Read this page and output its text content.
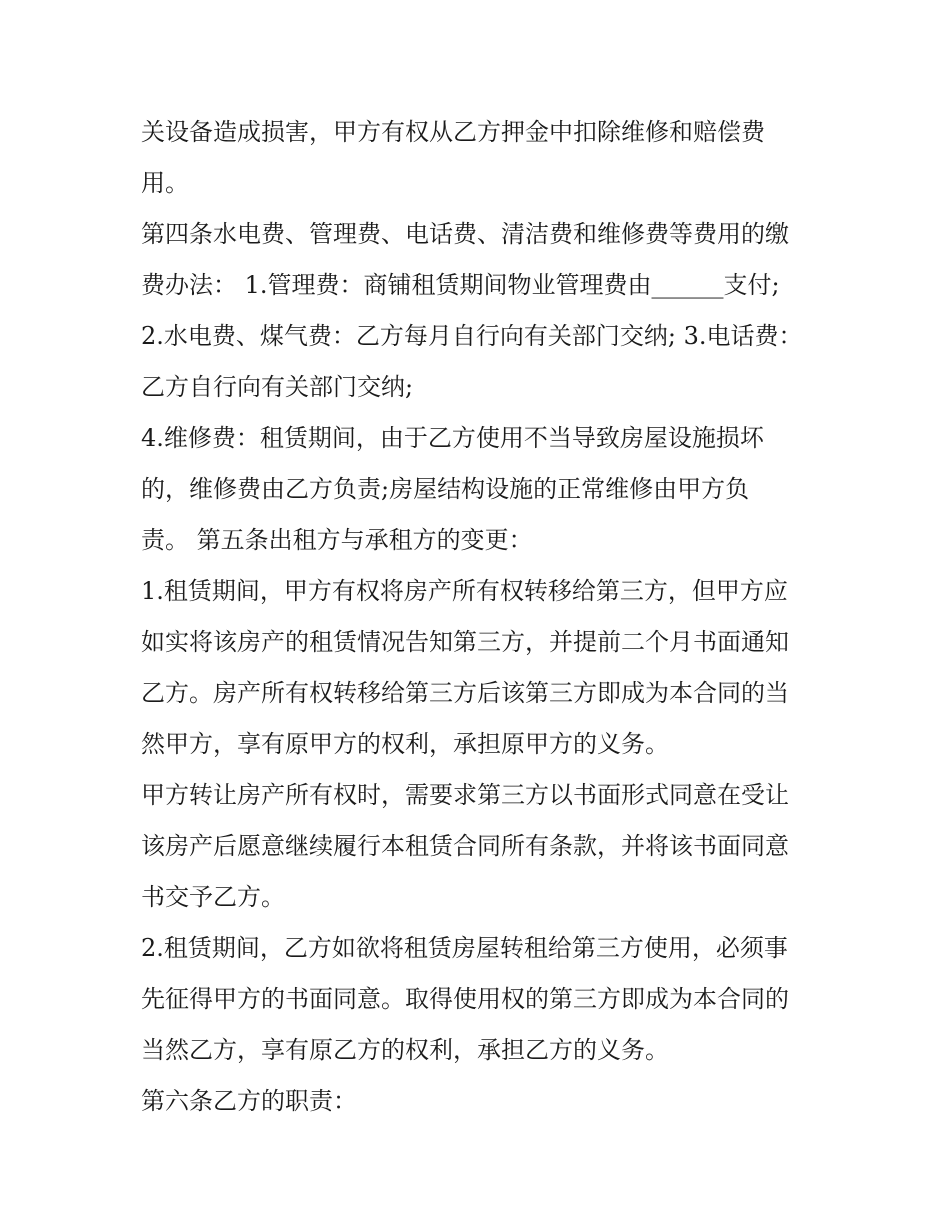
关设备造成损害，甲方有权从乙方押金中扣除维修和赔偿费
用。
第四条水电费、管理费、电话费、清洁费和维修费等费用的缴
费办法： 1.管理费：商铺租赁期间物业管理费由______支付;
2.水电费、煤气费：乙方每月自行向有关部门交纳; 3.电话费：
乙方自行向有关部门交纳;
4.维修费：租赁期间，由于乙方使用不当导致房屋设施损坏
的，维修费由乙方负责;房屋结构设施的正常维修由甲方负
责。 第五条出租方与承租方的变更：
1.租赁期间，甲方有权将房产所有权转移给第三方，但甲方应
如实将该房产的租赁情况告知第三方，并提前二个月书面通知
乙方。房产所有权转移给第三方后该第三方即成为本合同的当
然甲方，享有原甲方的权利，承担原甲方的义务。
甲方转让房产所有权时，需要求第三方以书面形式同意在受让
该房产后愿意继续履行本租赁合同所有条款，并将该书面同意
书交予乙方。
2.租赁期间，乙方如欲将租赁房屋转租给第三方使用，必须事
先征得甲方的书面同意。取得使用权的第三方即成为本合同的
当然乙方，享有原乙方的权利，承担乙方的义务。
第六条乙方的职责：
